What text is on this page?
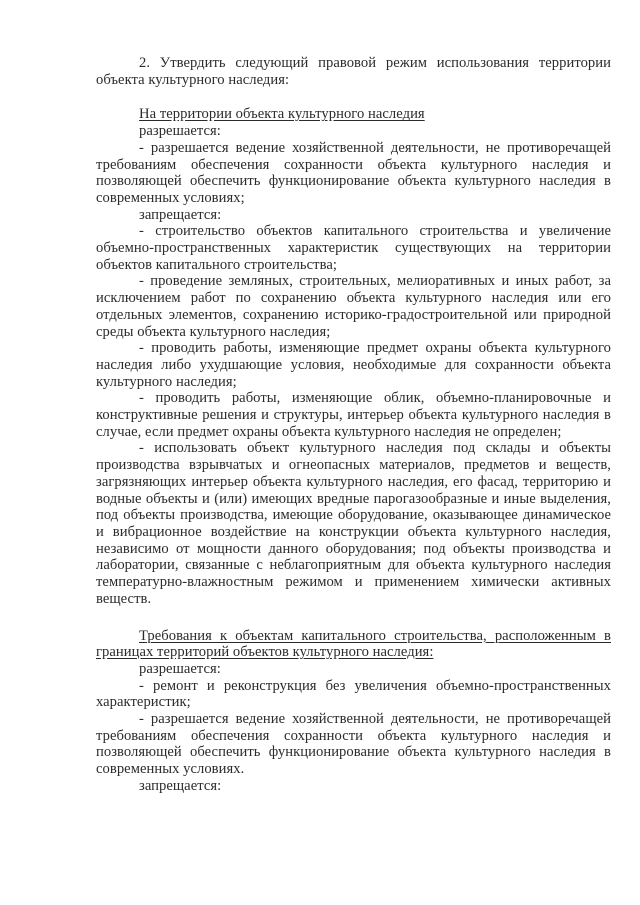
2. Утвердить следующий правовой режим использования территории объекта культурного наследия:

На территории объекта культурного наследия

разрешается:

- разрешается ведение хозяйственной деятельности, не противоречащей требованиям обеспечения сохранности объекта культурного наследия и позволяющей обеспечить функционирование объекта культурного наследия в современных условиях;

запрещается:

- строительство объектов капитального строительства и увеличение объемно-пространственных характеристик существующих на территории объектов капитального строительства;

- проведение земляных, строительных, мелиоративных и иных работ, за исключением работ по сохранению объекта культурного наследия или его отдельных элементов, сохранению историко-градостроительной или природной среды объекта культурного наследия;

- проводить работы, изменяющие предмет охраны объекта культурного наследия либо ухудшающие условия, необходимые для сохранности объекта культурного наследия;

- проводить работы, изменяющие облик, объемно-планировочные и конструктивные решения и структуры, интерьер объекта культурного наследия в случае, если предмет охраны объекта культурного наследия не определен;

- использовать объект культурного наследия под склады и объекты производства взрывчатых и огнеопасных материалов, предметов и веществ, загрязняющих интерьер объекта культурного наследия, его фасад, территорию и водные объекты и (или) имеющих вредные парогазообразные и иные выделения, под объекты производства, имеющие оборудование, оказывающее динамическое и вибрационное воздействие на конструкции объекта культурного наследия, независимо от мощности данного оборудования; под объекты производства и лаборатории, связанные с неблагоприятным для объекта культурного наследия температурно-влажностным режимом и применением химически активных веществ.

Требования к объектам капитального строительства, расположенным в границах территорий объектов культурного наследия:

разрешается:

- ремонт и реконструкция без увеличения объемно-пространственных характеристик;

- разрешается ведение хозяйственной деятельности, не противоречащей требованиям обеспечения сохранности объекта культурного наследия и позволяющей обеспечить функционирование объекта культурного наследия в современных условиях.

запрещается:
